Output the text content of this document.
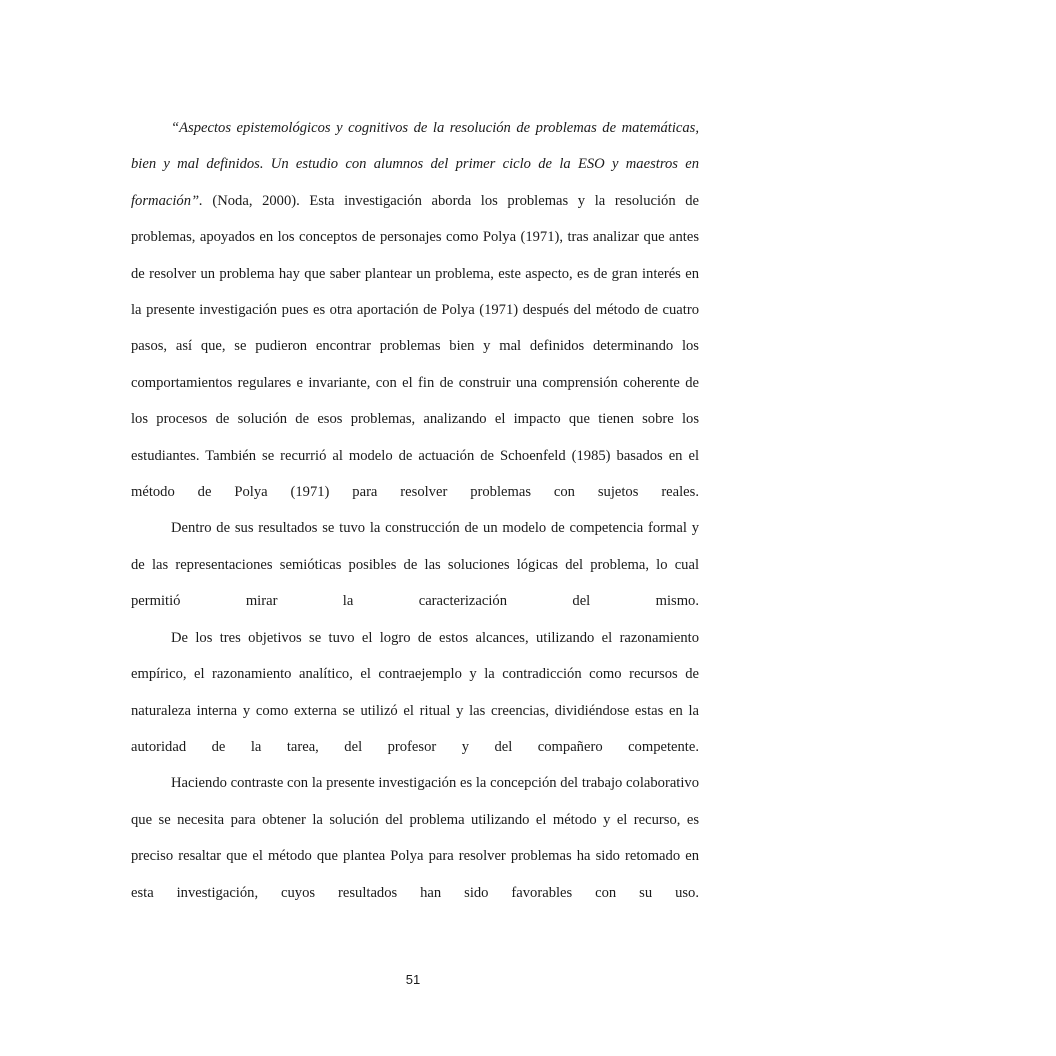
“Aspectos epistemológicos y cognitivos de la resolución de problemas de matemáticas, bien y mal definidos. Un estudio con alumnos del primer ciclo de la ESO y maestros en formación”. (Noda, 2000). Esta investigación aborda los problemas y la resolución de problemas, apoyados en los conceptos de personajes como Polya (1971), tras analizar que antes de resolver un problema hay que saber plantear un problema, este aspecto, es de gran interés en la presente investigación pues es otra aportación de Polya (1971) después del método de cuatro pasos, así que, se pudieron encontrar problemas bien y mal definidos determinando los comportamientos regulares e invariante, con el fin de construir una comprensión coherente de los procesos de solución de esos problemas, analizando el impacto que tienen sobre los estudiantes. También se recurrió al modelo de actuación de Schoenfeld (1985) basados en el método de Polya (1971) para resolver problemas con sujetos reales.

Dentro de sus resultados se tuvo la construcción de un modelo de competencia formal y de las representaciones semióticas posibles de las soluciones lógicas del problema, lo cual permitió mirar la caracterización del mismo.

De los tres objetivos se tuvo el logro de estos alcances, utilizando el razonamiento empírico, el razonamiento analítico, el contraejemplo y la contradicción como recursos de naturaleza interna y como externa se utilizó el ritual y las creencias, dividiéndose estas en la autoridad de la tarea, del profesor y del compañero competente.

Haciendo contraste con la presente investigación es la concepción del trabajo colaborativo que se necesita para obtener la solución del problema utilizando el método y el recurso, es preciso resaltar que el método que plantea Polya para resolver problemas ha sido retomado en esta investigación, cuyos resultados han sido favorables con su uso.

51
